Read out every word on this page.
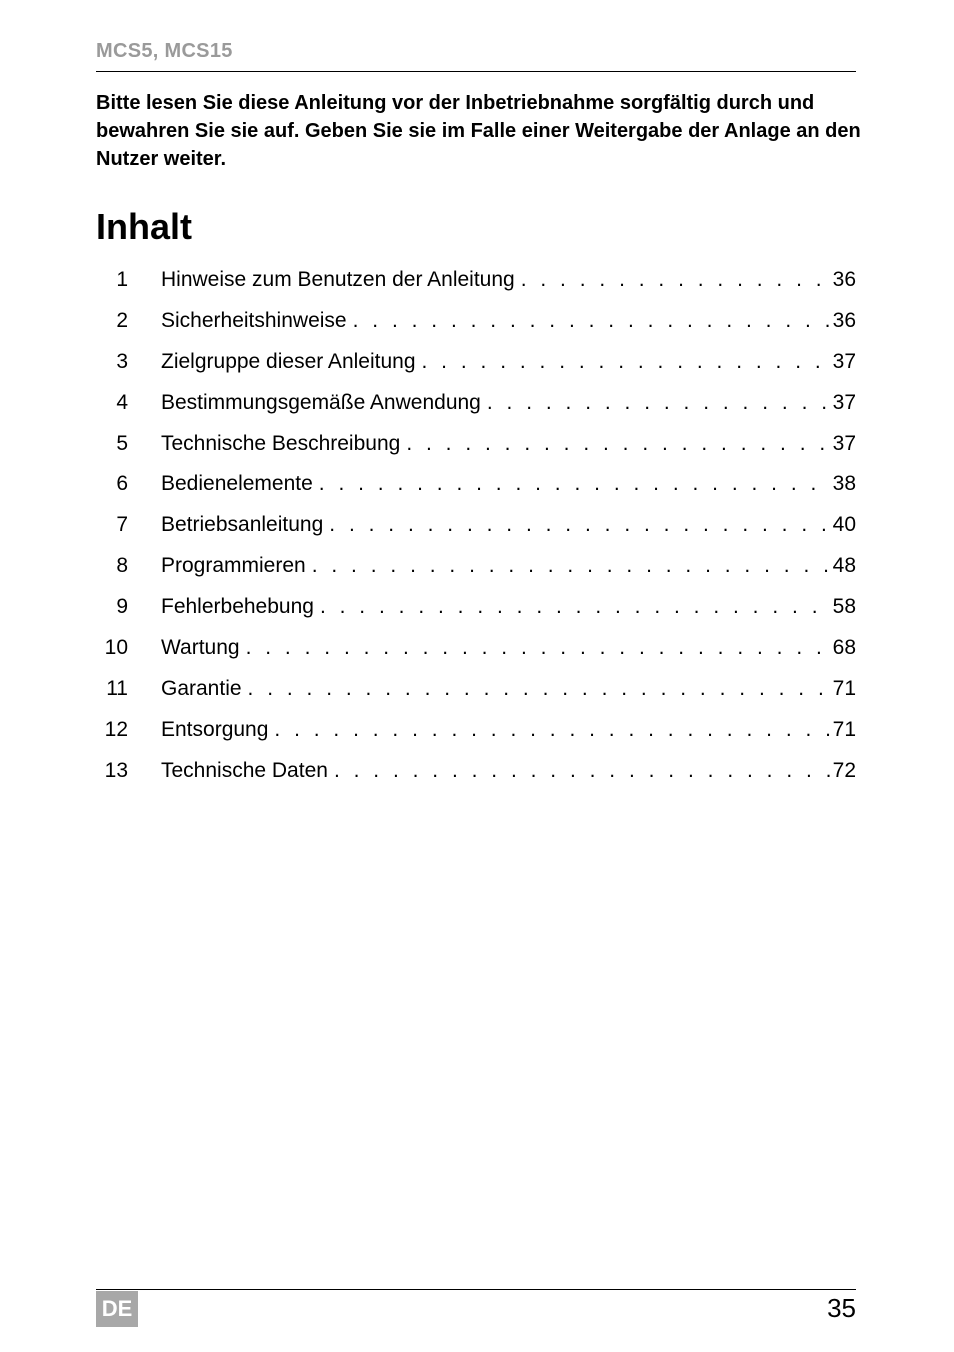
MCS5, MCS15

Bitte lesen Sie diese Anleitung vor der Inbetriebnahme sorgfältig durch und bewahren Sie sie auf. Geben Sie sie im Falle einer Weitergabe der Anlage an den Nutzer weiter.

Inhalt
1 Hinweise zum Benutzen der Anleitung . . .	36
2 Sicherheitshinweise . . .	36
3 Zielgruppe dieser Anleitung . . .	37
4 Bestimmungsgemäße Anwendung . . .	37
5 Technische Beschreibung . . .	37
6 Bedienelemente . . .	38
7 Betriebsanleitung . . .	40
8 Programmieren . . .	48
9 Fehlerbehebung . . .	58
10 Wartung . . .	68
11 Garantie . . .	71
12 Entsorgung . . .	71
13 Technische Daten . . .	72
DE	35
